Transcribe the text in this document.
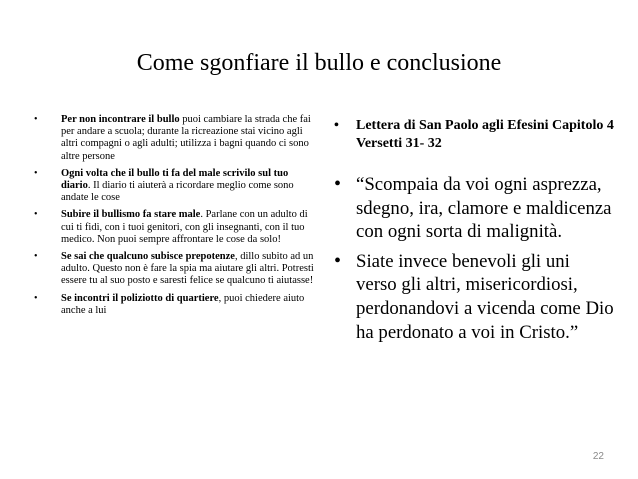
Come sgonfiare il bullo e conclusione
• Per non incontrare il bullo puoi cambiare la strada che fai per andare a scuola; durante la ricreazione stai vicino agli altri compagni o agli adulti; utilizza i bagni quando ci sono altre persone
• Ogni volta che il bullo ti fa del male scrivilo sul tuo diario. Il diario ti aiuterà a ricordare meglio come sono andate le cose
• Subire il bullismo fa stare male. Parlane con un adulto di cui ti fidi, con i tuoi genitori, con gli insegnanti, con il tuo medico. Non puoi sempre affrontare le cose da solo!
• Se sai che qualcuno subisce prepotenze, dillo subito ad un adulto. Questo non è fare la spia ma aiutare gli altri. Potresti essere tu al suo posto e saresti felice se qualcuno ti aiutasse!
• Se incontri il poliziotto di quartiere, puoi chiedere aiuto anche a lui
• Lettera di San Paolo agli Efesini Capitolo 4 Versetti 31- 32
• “Scompaia da voi ogni asprezza, sdegno, ira, clamore e maldicenza con ogni sorta di malignità.
• Siate invece benevoli gli uni verso gli altri, misericordiosi, perdonandovi a vicenda come Dio ha perdonato a voi in Cristo.”
22
